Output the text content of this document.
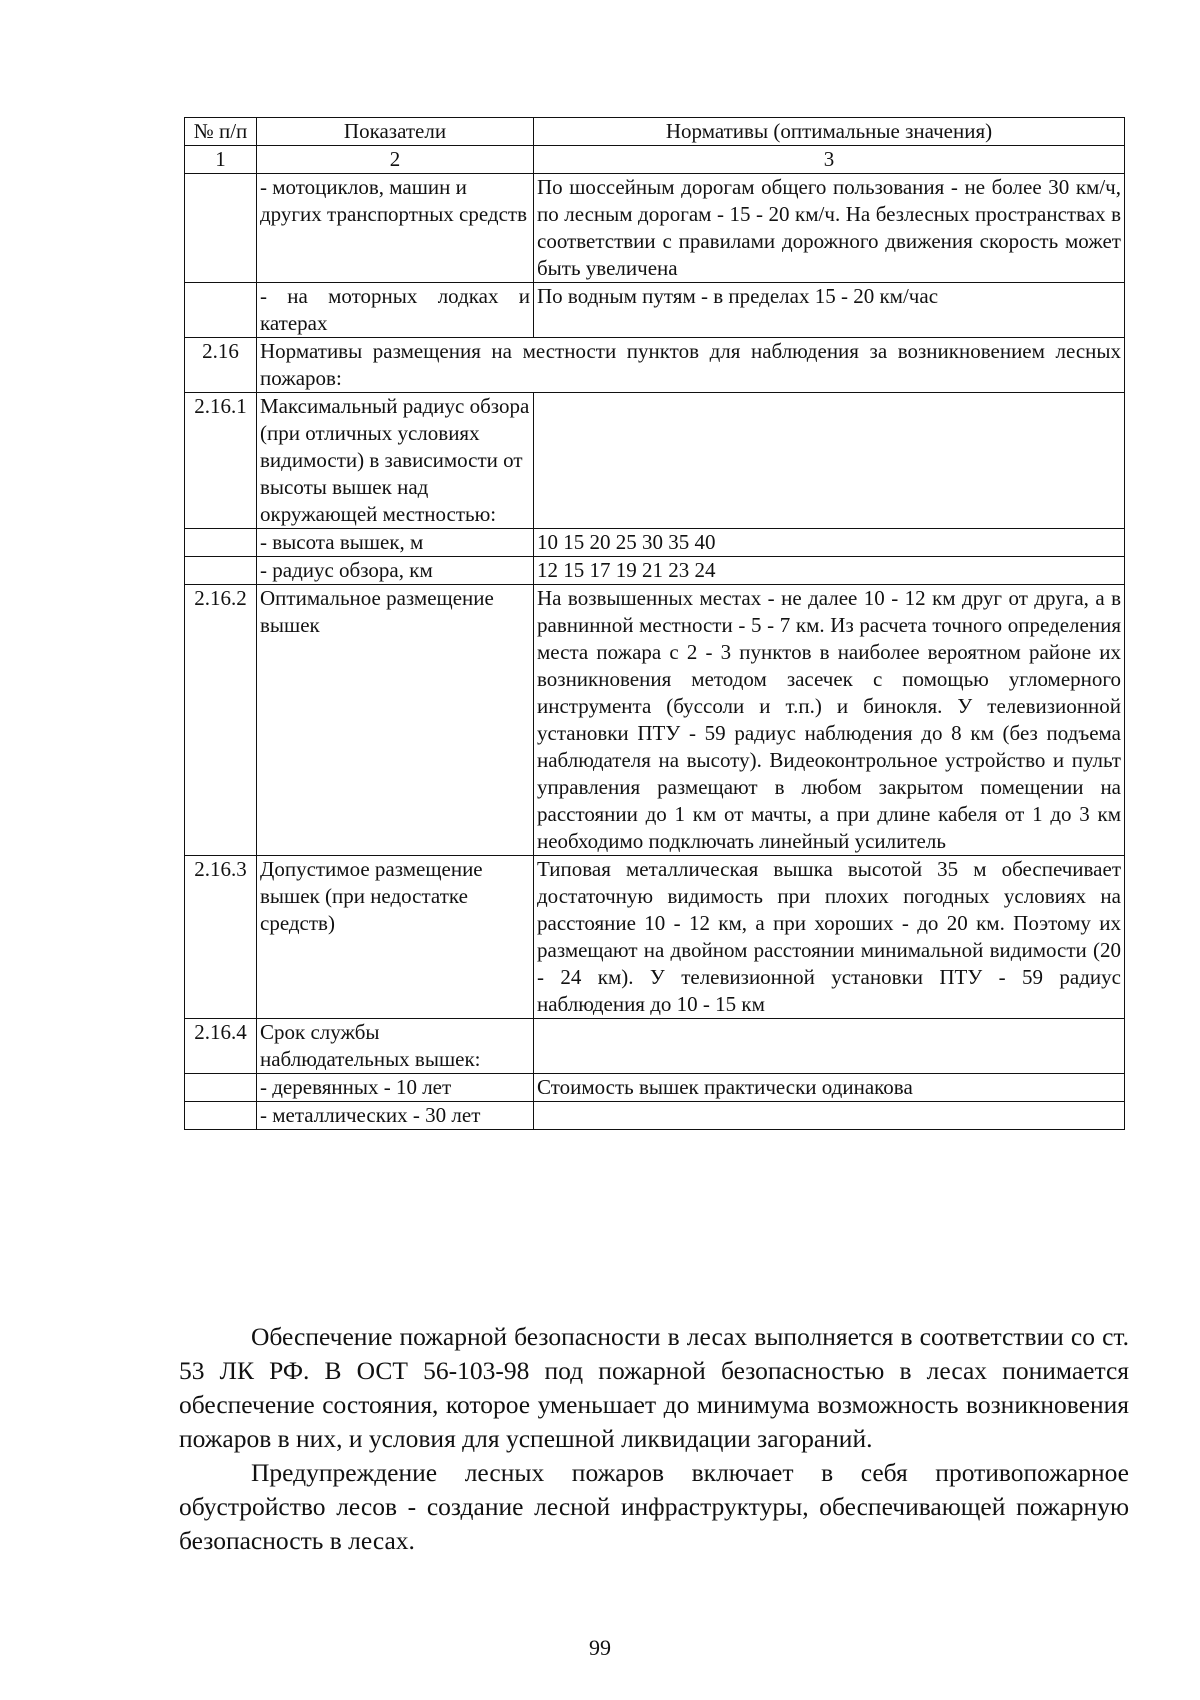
№ п/п	Показатели	Нормативы (оптимальные значения)
1	2	3
	- мотоциклов, машин и других транспортных средств	По шоссейным дорогам общего пользования - не более 30 км/ч, по лесным дорогам - 15 - 20 км/ч. На безлесных пространствах в соответствии с правилами дорожного движения скорость может быть увеличена
	- на моторных лодках и катерах	По водным путям - в пределах 15 - 20 км/час
2.16	Нормативы размещения на местности пунктов для наблюдения за возникновением лесных пожаров:	
2.16.1	Максимальный радиус обзора (при отличных условиях видимости) в зависимости от высоты вышек над окружающей местностью:	
	- высота вышек, м	10 15 20 25 30 35 40
	- радиус обзора, км	12 15 17 19 21 23 24
2.16.2	Оптимальное размещение вышек	На возвышенных местах - не далее 10 - 12 км друг от друга, а в равнинной местности - 5 - 7 км. Из расчета точного определения места пожара с 2 - 3 пунктов в наиболее вероятном районе их возникновения методом засечек с помощью угломерного инструмента (буссоли и т.п.) и бинокля. У телевизионной установки ПТУ - 59 радиус наблюдения до 8 км (без подъема наблюдателя на высоту). Видеоконтрольное устройство и пульт управления размещают в любом закрытом помещении на расстоянии до 1 км от мачты, а при длине кабеля от 1 до 3 км необходимо подключать линейный усилитель
2.16.3	Допустимое размещение вышек (при недостатке средств)	Типовая металлическая вышка высотой 35 м обеспечивает достаточную видимость при плохих погодных условиях на расстояние 10 - 12 км, а при хороших - до 20 км. Поэтому их размещают на двойном расстоянии минимальной видимости (20 - 24 км). У телевизионной установки ПТУ - 59 радиус наблюдения до 10 - 15 км
2.16.4	Срок службы наблюдательных вышек:	
	- деревянных - 10 лет	Стоимость вышек практически одинакова
	- металлических - 30 лет	

Обеспечение пожарной безопасности в лесах выполняется в соответствии со ст. 53 ЛК РФ. В ОСТ 56-103-98 под пожарной безопасностью в лесах понимается обеспечение состояния, которое уменьшает до минимума возможность возникновения пожаров в них, и условия для успешной ликвидации загораний.

Предупреждение лесных пожаров включает в себя противопожарное обустройство лесов - создание лесной инфраструктуры, обеспечивающей пожарную безопасность в лесах.

99
